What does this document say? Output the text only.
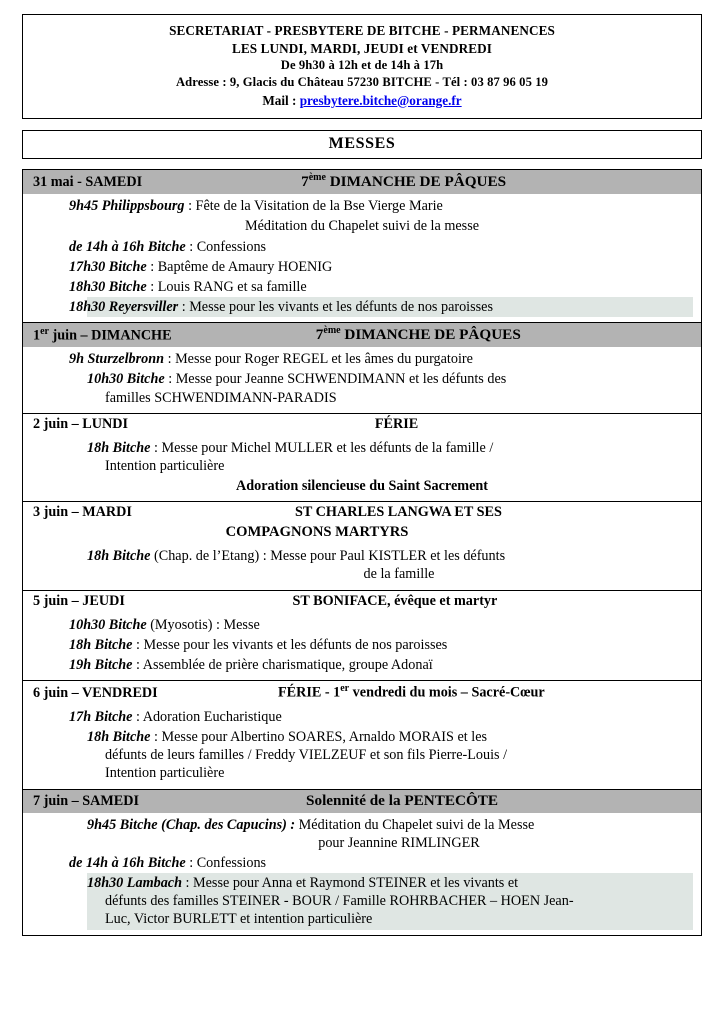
SECRETARIAT - PRESBYTERE DE BITCHE - PERMANENCES
LES LUNDI, MARDI, JEUDI et VENDREDI
De 9h30 à 12h et de 14h à 17h
Adresse : 9, Glacis du Château 57230 BITCHE - Tél : 03 87 96 05 19
Mail : presbytere.bitche@orange.fr
MESSES
31 mai - SAMEDI	7ème DIMANCHE DE PÂQUES
9h45 Philippsbourg : Fête de la Visitation de la Bse Vierge Marie
Méditation du Chapelet suivi de la messe
de 14h à 16h Bitche : Confessions
17h30 Bitche : Baptême de Amaury HOENIG
18h30 Bitche : Louis RANG et sa famille
18h30 Reyersviller : Messe pour les vivants et les défunts de nos paroisses
1er juin – DIMANCHE	7ème DIMANCHE DE PÂQUES
9h Sturzelbronn : Messe pour Roger REGEL et les âmes du purgatoire
10h30 Bitche : Messe pour Jeanne SCHWENDIMANN et les défunts des
familles SCHWENDIMANN-PARADIS
2 juin – LUNDI	FÉRIE
18h Bitche : Messe pour Michel MULLER et les défunts de la famille /
Intention particulière
Adoration silencieuse du Saint Sacrement
3 juin – MARDI	ST CHARLES LANGWA ET SES
COMPAGNONS MARTYRS
18h Bitche (Chap. de l’Etang) : Messe pour Paul KISTLER et les défunts
de la famille
5 juin – JEUDI	ST BONIFACE, évêque et martyr
10h30 Bitche (Myosotis) : Messe
18h Bitche : Messe pour les vivants et les défunts de nos paroisses
19h Bitche : Assemblée de prière charismatique, groupe Adonaï
6 juin – VENDREDI	FÉRIE - 1er vendredi du mois – Sacré-Cœur
17h Bitche : Adoration Eucharistique
18h Bitche : Messe pour Albertino SOARES, Arnaldo MORAIS et les
défunts de leurs familles / Freddy VIELZEUF et son fils Pierre-Louis /
Intention particulière
7 juin – SAMEDI	Solennité de la PENTECÔTE
9h45 Bitche (Chap. des Capucins) : Méditation du Chapelet suivi de la Messe
pour Jeannine RIMLINGER
de 14h à 16h Bitche : Confessions
18h30 Lambach : Messe pour Anna et Raymond STEINER et les vivants et
défunts des familles STEINER - BOUR / Famille ROHRBACHER – HOEN Jean-
Luc, Victor BURLETT et intention particulière
